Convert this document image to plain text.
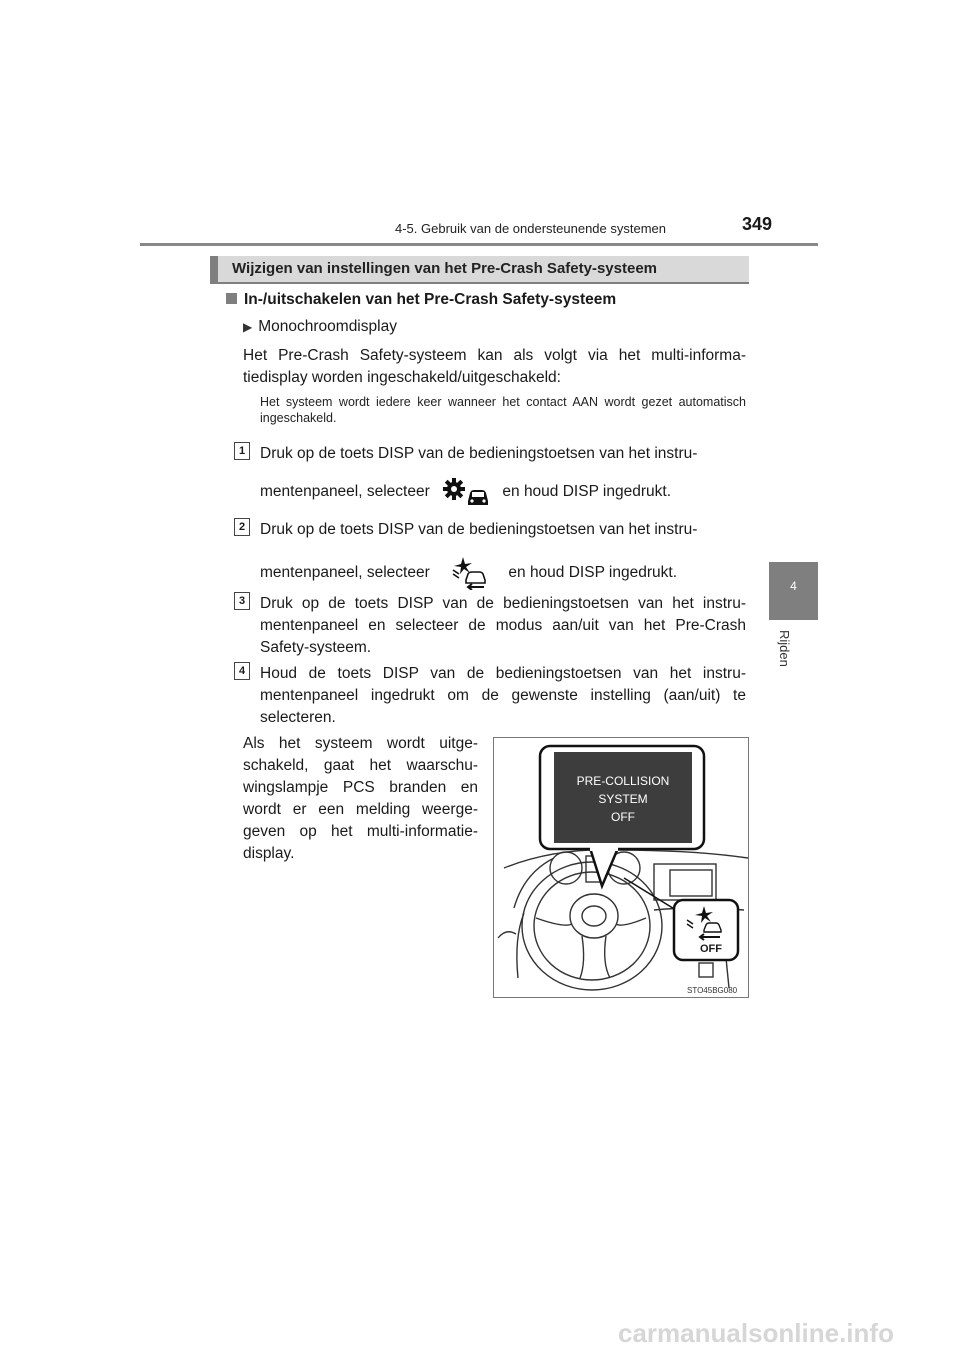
4-5. Gebruik van de ondersteunende systemen	349
4
Rijden
Wijzigen van instellingen van het Pre-Crash Safety-systeem
In-/uitschakelen van het Pre-Crash Safety-systeem
▶ Monochroomdisplay
Het Pre-Crash Safety-systeem kan als volgt via het multi-informa- tiedisplay worden ingeschakeld/uitgeschakeld:
Het systeem wordt iedere keer wanneer het contact AAN wordt gezet automatisch ingeschakeld.
1 Druk op de toets DISP van de bedieningstoetsen van het instru-
mentenpaneel, selecteer	en houd DISP ingedrukt.
2 Druk op de toets DISP van de bedieningstoetsen van het instru-
mentenpaneel, selecteer	en houd DISP ingedrukt.
3 Druk op de toets DISP van de bedieningstoetsen van het instru- mentenpaneel en selecteer de modus aan/uit van het Pre-Crash Safety-systeem.
4 Houd de toets DISP van de bedieningstoetsen van het instru- mentenpaneel ingedrukt om de gewenste instelling (aan/uit) te selecteren.
Als het systeem wordt uitge- schakeld, gaat het waarschu- wingslampje PCS branden en wordt er een melding weerge- geven op het multi-informatie- display.
PRE-COLLISION
SYSTEM
OFF
OFF
STO45BG080
carmanualsonline.info
